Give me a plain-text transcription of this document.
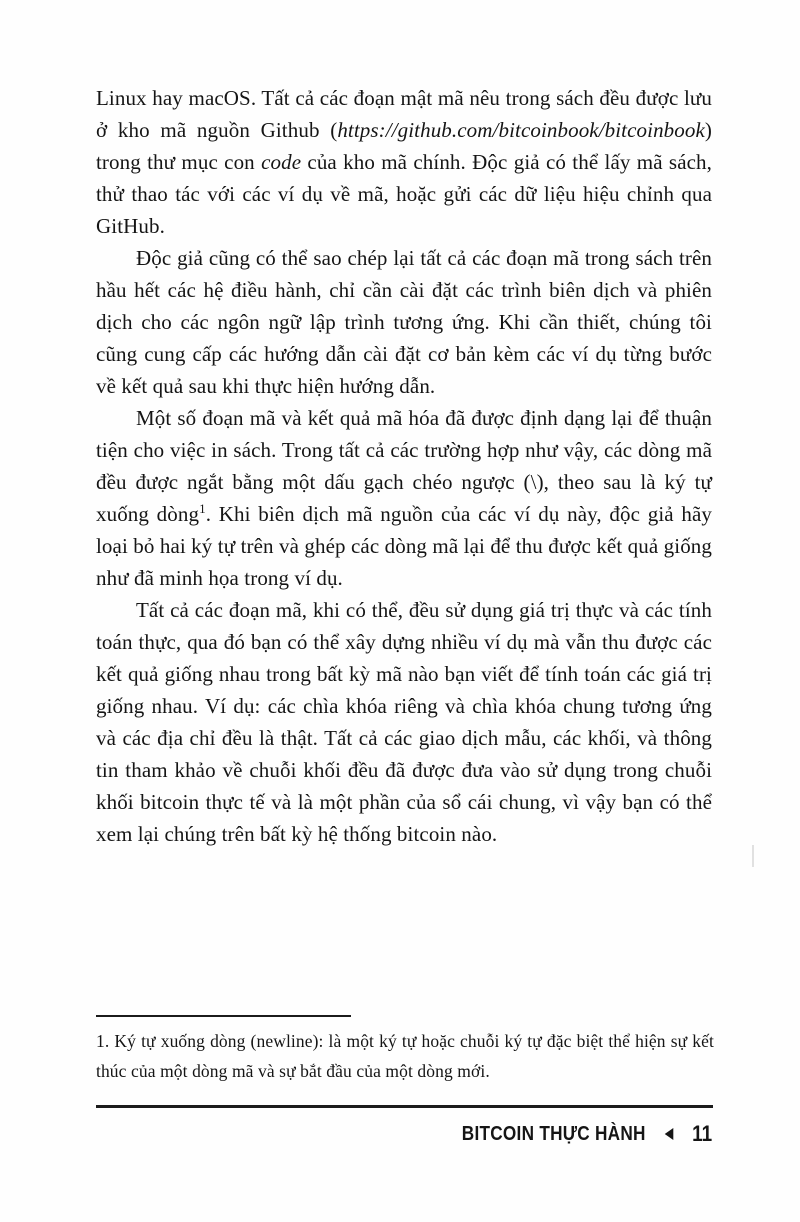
Linux hay macOS. Tất cả các đoạn mật mã nêu trong sách đều được lưu ở kho mã nguồn Github (https://github.com/bitcoinbook/bitcoinbook) trong thư mục con code của kho mã chính. Độc giả có thể lấy mã sách, thử thao tác với các ví dụ về mã, hoặc gửi các dữ liệu hiệu chỉnh qua GitHub.

Độc giả cũng có thể sao chép lại tất cả các đoạn mã trong sách trên hầu hết các hệ điều hành, chỉ cần cài đặt các trình biên dịch và phiên dịch cho các ngôn ngữ lập trình tương ứng. Khi cần thiết, chúng tôi cũng cung cấp các hướng dẫn cài đặt cơ bản kèm các ví dụ từng bước về kết quả sau khi thực hiện hướng dẫn.

Một số đoạn mã và kết quả mã hóa đã được định dạng lại để thuận tiện cho việc in sách. Trong tất cả các trường hợp như vậy, các dòng mã đều được ngắt bằng một dấu gạch chéo ngược (\), theo sau là ký tự xuống dòng$^1$. Khi biên dịch mã nguồn của các ví dụ này, độc giả hãy loại bỏ hai ký tự trên và ghép các dòng mã lại để thu được kết quả giống như đã minh họa trong ví dụ.

Tất cả các đoạn mã, khi có thể, đều sử dụng giá trị thực và các tính toán thực, qua đó bạn có thể xây dựng nhiều ví dụ mà vẫn thu được các kết quả giống nhau trong bất kỳ mã nào bạn viết để tính toán các giá trị giống nhau. Ví dụ: các chìa khóa riêng và chìa khóa chung tương ứng và các địa chỉ đều là thật. Tất cả các giao dịch mẫu, các khối, và thông tin tham khảo về chuỗi khối đều đã được đưa vào sử dụng trong chuỗi khối bitcoin thực tế và là một phần của sổ cái chung, vì vậy bạn có thể xem lại chúng trên bất kỳ hệ thống bitcoin nào.

1. Ký tự xuống dòng (newline): là một ký tự hoặc chuỗi ký tự đặc biệt thể hiện sự kết thúc của một dòng mã và sự bắt đầu của một dòng mới.
BITCOIN THỰC HÀNH 11
